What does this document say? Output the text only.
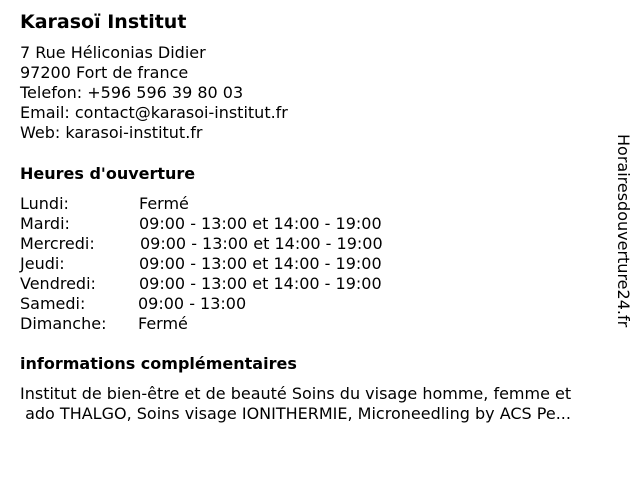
Karasoï Institut
7 Rue Héliconias Didier
97200 Fort de france
Telefon: +596 596 39 80 03
Email: contact@karasoi-institut.fr
Web: karasoi-institut.fr
Heures d'ouverture
Lundi:	Fermé
Mardi:	09:00 - 13:00 et 14:00 - 19:00
Mercredi:	09:00 - 13:00 et 14:00 - 19:00
Jeudi:	09:00 - 13:00 et 14:00 - 19:00
Vendredi:	09:00 - 13:00 et 14:00 - 19:00
Samedi:	09:00 - 13:00
Dimanche: Fermé
informations complémentaires
Institut de bien-être et de beauté Soins du visage homme, femme et
ado THALGO, Soins visage IONITHERMIE, Microneedling by ACS Pe...
Horairesdouverture24.fr
